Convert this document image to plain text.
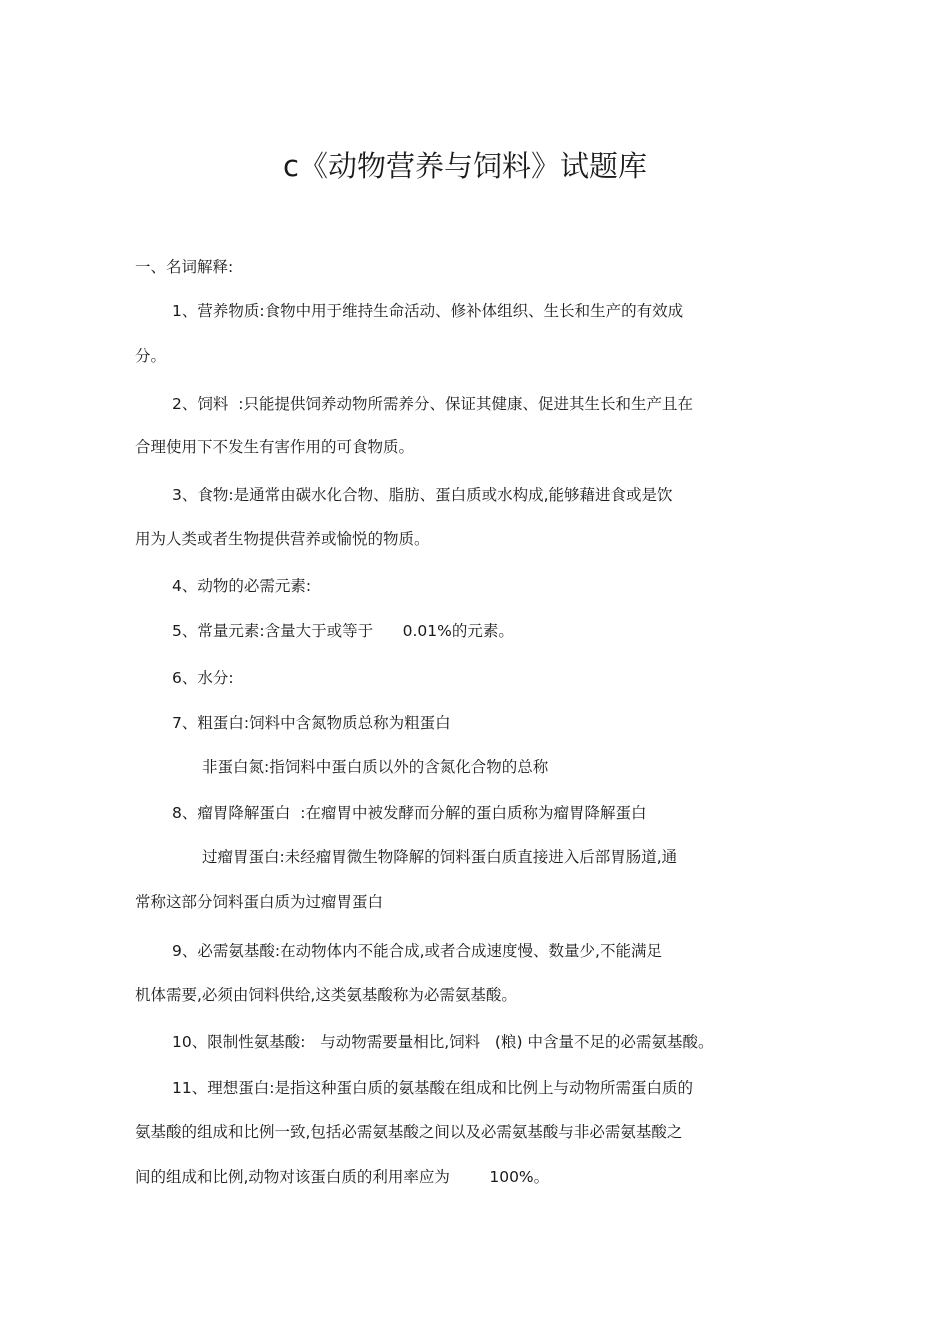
c《动物营养与饲料》试题库
一、名词解释:
1、营养物质:食物中用于维持生命活动、修补体组织、生长和生产的有效成
分。
2、饲料  :只能提供饲养动物所需养分、保证其健康、促进其生长和生产且在
合理使用下不发生有害作用的可食物质。
3、食物:是通常由碳水化合物、脂肪、蛋白质或水构成,能够藉进食或是饮
用为人类或者生物提供营养或愉悦的物质。
4、动物的必需元素:
5、常量元素:含量大于或等于      0.01%的元素。
6、水分:
7、粗蛋白:饲料中含氮物质总称为粗蛋白
非蛋白氮:指饲料中蛋白质以外的含氮化合物的总称
8、瘤胃降解蛋白  :在瘤胃中被发酵而分解的蛋白质称为瘤胃降解蛋白
过瘤胃蛋白:未经瘤胃微生物降解的饲料蛋白质直接进入后部胃肠道,通
常称这部分饲料蛋白质为过瘤胃蛋白
9、必需氨基酸:在动物体内不能合成,或者合成速度慢、数量少,不能满足
机体需要,必须由饲料供给,这类氨基酸称为必需氨基酸。
10、限制性氨基酸:   与动物需要量相比,饲料   (粮) 中含量不足的必需氨基酸。
11、理想蛋白:是指这种蛋白质的氨基酸在组成和比例上与动物所需蛋白质的
氨基酸的组成和比例一致,包括必需氨基酸之间以及必需氨基酸与非必需氨基酸之
间的组成和比例,动物对该蛋白质的利用率应为        100%。
